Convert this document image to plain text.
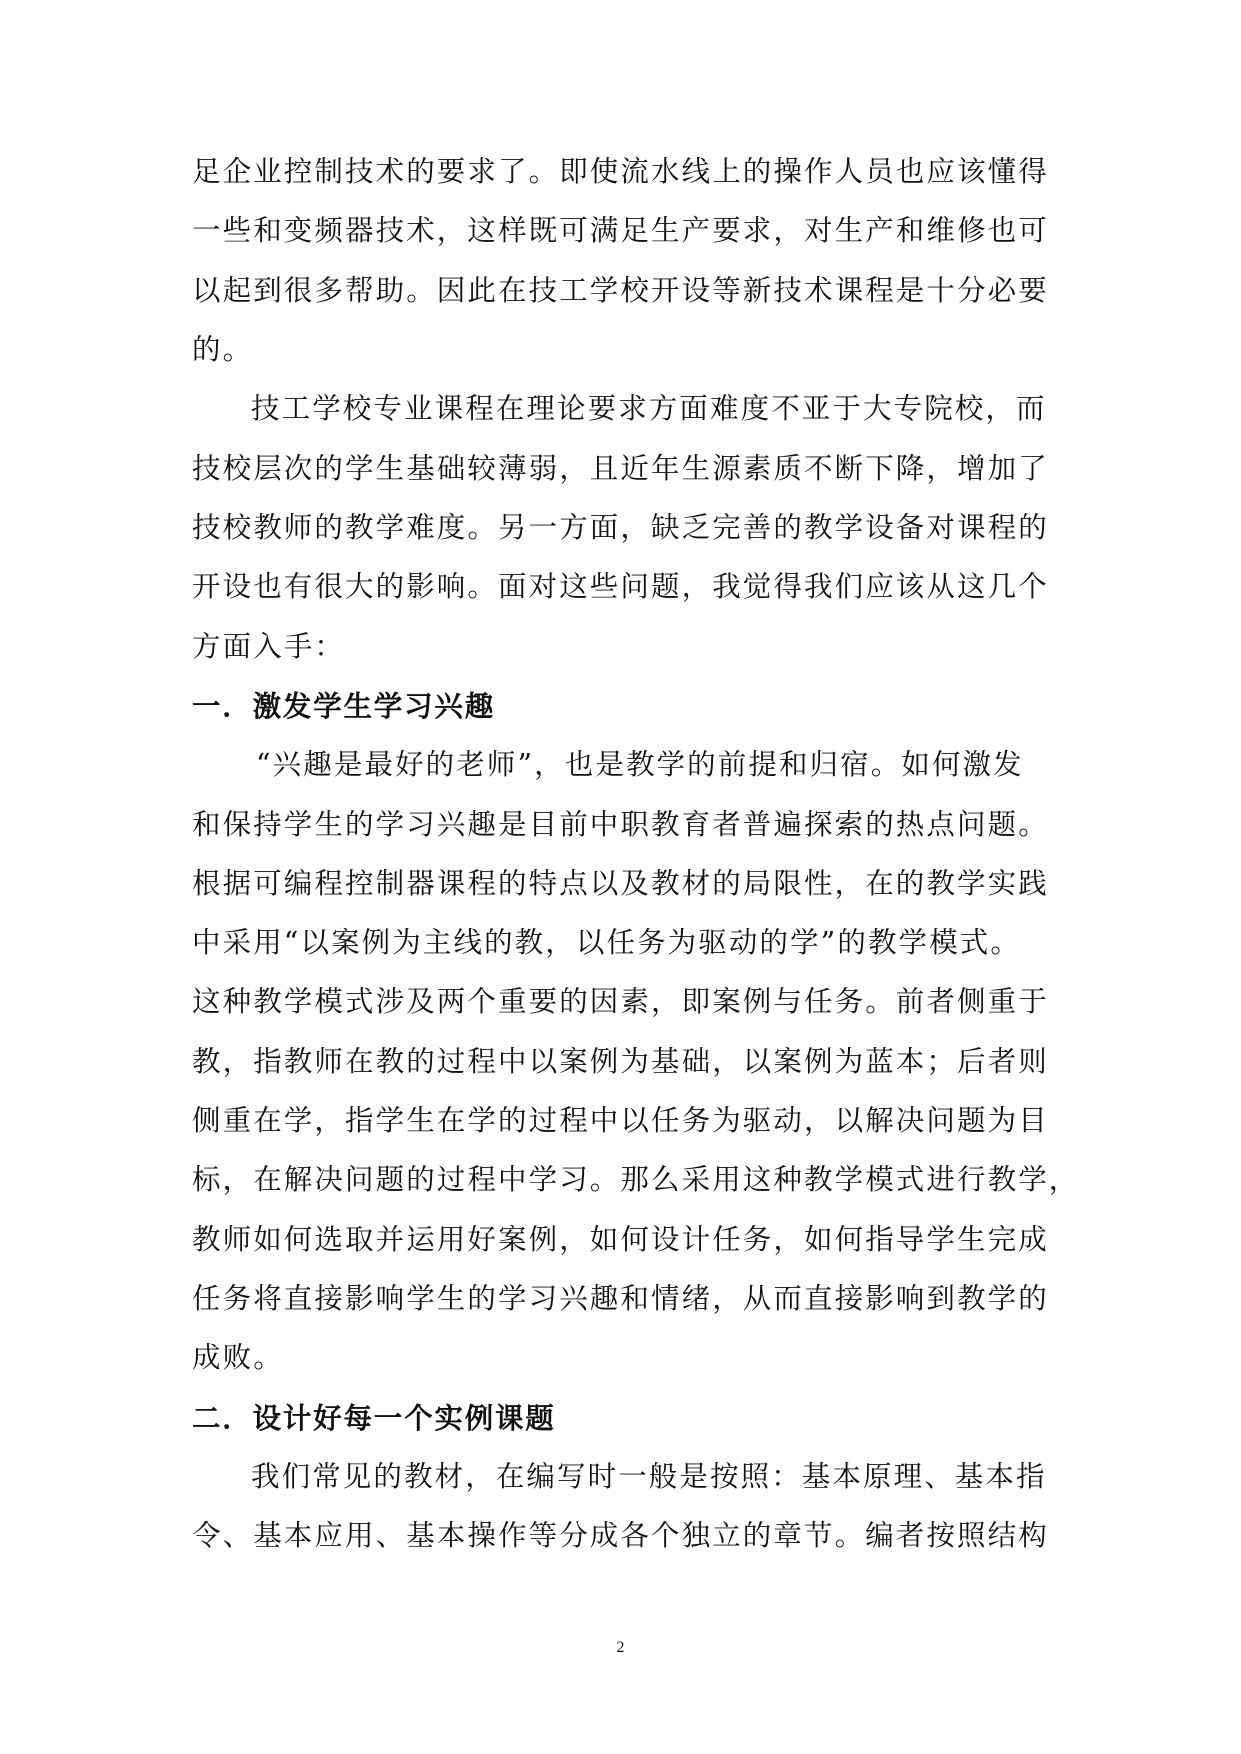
足企业控制技术的要求了。即使流水线上的操作人员也应该懂得
一些和变频器技术，这样既可满足生产要求，对生产和维修也可
以起到很多帮助。因此在技工学校开设等新技术课程是十分必要
的。
技工学校专业课程在理论要求方面难度不亚于大专院校，而
技校层次的学生基础较薄弱，且近年生源素质不断下降，增加了
技校教师的教学难度。另一方面，缺乏完善的教学设备对课程的
开设也有很大的影响。面对这些问题，我觉得我们应该从这几个
方面入手：
一．激发学生学习兴趣
“兴趣是最好的老师”，也是教学的前提和归宿。如何激发
和保持学生的学习兴趣是目前中职教育者普遍探索的热点问题。
根据可编程控制器课程的特点以及教材的局限性，在的教学实践
中采用“以案例为主线的教，以任务为驱动的学”的教学模式。
这种教学模式涉及两个重要的因素，即案例与任务。前者侧重于
教，指教师在教的过程中以案例为基础，以案例为蓝本；后者则
侧重在学，指学生在学的过程中以任务为驱动，以解决问题为目
标，在解决问题的过程中学习。那么采用这种教学模式进行教学，
教师如何选取并运用好案例，如何设计任务，如何指导学生完成
任务将直接影响学生的学习兴趣和情绪，从而直接影响到教学的
成败。
二．设计好每一个实例课题
我们常见的教材，在编写时一般是按照：基本原理、基本指
令、基本应用、基本操作等分成各个独立的章节。编者按照结构
2
